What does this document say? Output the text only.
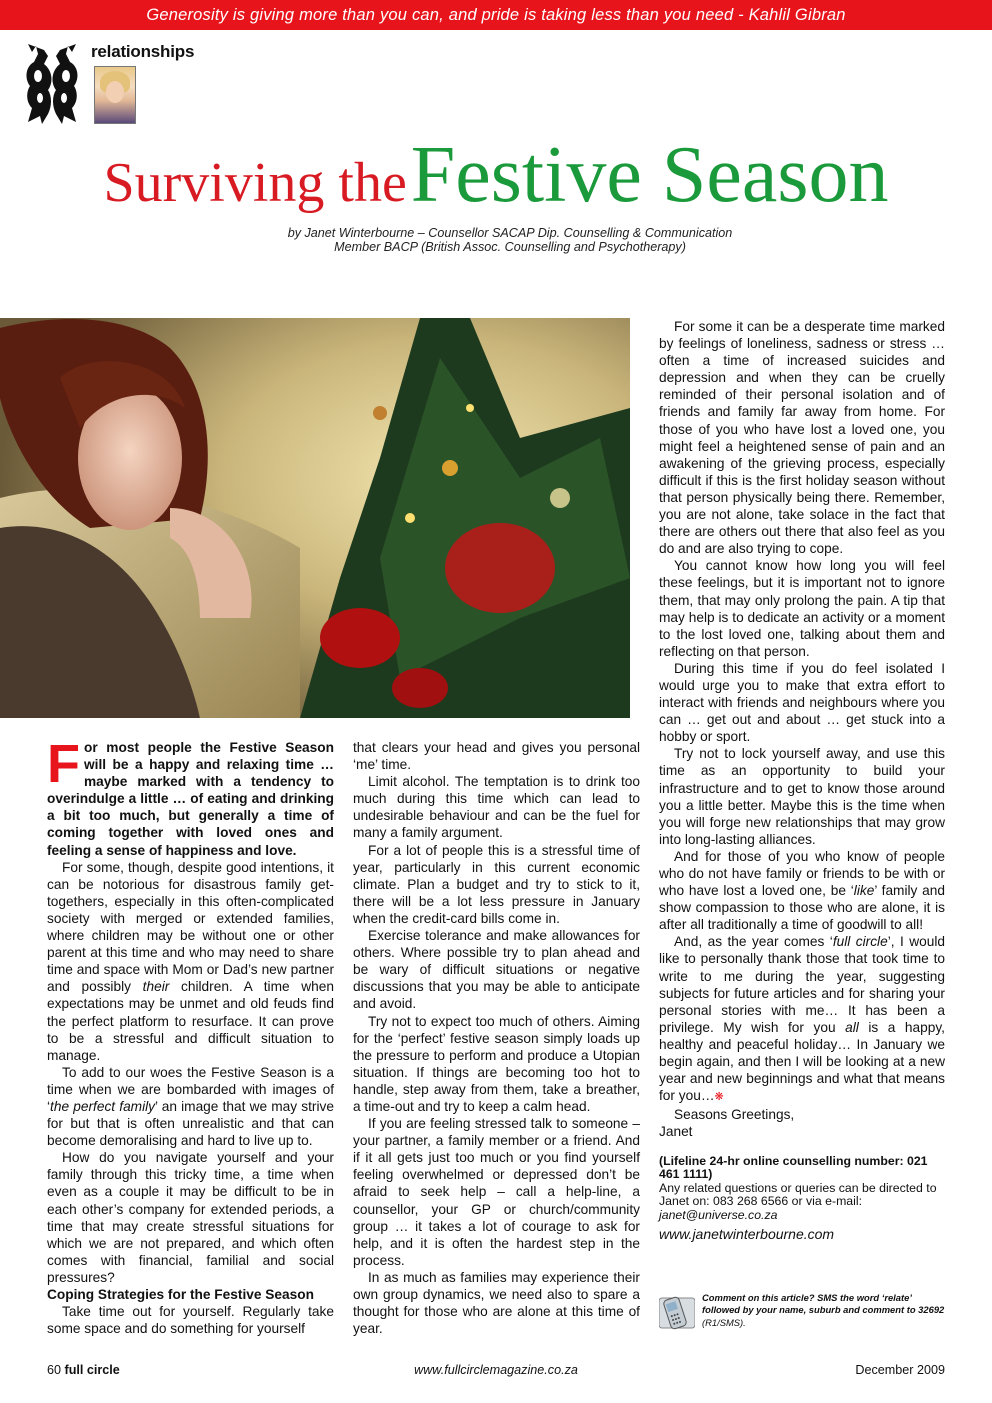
Generosity is giving more than you can, and pride is taking less than you need - Kahlil Gibran
relationships
Surviving the Festive Season
by Janet Winterbourne – Counsellor SACAP Dip. Counselling & Communication
Member BACP (British Assoc. Counselling and Psychotherapy)

For most people the Festive Season will be a happy and relaxing time … maybe marked with a tendency to overindulge a little … of eating and drinking a bit too much, but generally a time of coming together with loved ones and feeling a sense of happiness and love.

For some, though, despite good intentions, it can be notorious for disastrous family get-togethers, especially in this often-complicated society with merged or extended families, where children may be without one or other parent at this time and who may need to share time and space with Mom or Dad’s new partner and possibly their children. A time when expectations may be unmet and old feuds find the perfect platform to resurface. It can prove to be a stressful and difficult situation to manage.

To add to our woes the Festive Season is a time when we are bombarded with images of ‘the perfect family’ an image that we may strive for but that is often unrealistic and that can become demoralising and hard to live up to.

How do you navigate yourself and your family through this tricky time, a time when even as a couple it may be difficult to be in each other’s company for extended periods, a time that may create stressful situations for which we are not prepared, and which often comes with financial, familial and social pressures?

Coping Strategies for the Festive Season

Take time out for yourself. Regularly take some space and do something for yourself

that clears your head and gives you personal ‘me’ time.

Limit alcohol. The temptation is to drink too much during this time which can lead to undesirable behaviour and can be the fuel for many a family argument.

For a lot of people this is a stressful time of year, particularly in this current economic climate. Plan a budget and try to stick to it, there will be a lot less pressure in January when the credit-card bills come in.

Exercise tolerance and make allowances for others. Where possible try to plan ahead and be wary of difficult situations or negative discussions that you may be able to anticipate and avoid.

Try not to expect too much of others. Aiming for the ‘perfect’ festive season simply loads up the pressure to perform and produce a Utopian situation. If things are becoming too hot to handle, step away from them, take a breather, a time-out and try to keep a calm head.

If you are feeling stressed talk to someone – your partner, a family member or a friend. And if it all gets just too much or you find yourself feeling overwhelmed or depressed don’t be afraid to seek help – call a help-line, a counsellor, your GP or church/community group … it takes a lot of courage to ask for help, and it is often the hardest step in the process.

In as much as families may experience their own group dynamics, we need also to spare a thought for those who are alone at this time of year.

For some it can be a desperate time marked by feelings of loneliness, sadness or stress … often a time of increased suicides and depression and when they can be cruelly reminded of their personal isolation and of friends and family far away from home. For those of you who have lost a loved one, you might feel a heightened sense of pain and an awakening of the grieving process, especially difficult if this is the first holiday season without that person physically being there. Remember, you are not alone, take solace in the fact that there are others out there that also feel as you do and are also trying to cope.

You cannot know how long you will feel these feelings, but it is important not to ignore them, that may only prolong the pain. A tip that may help is to dedicate an activity or a moment to the lost loved one, talking about them and reflecting on that person.

During this time if you do feel isolated I would urge you to make that extra effort to interact with friends and neighbours where you can … get out and about … get stuck into a hobby or sport.

Try not to lock yourself away, and use this time as an opportunity to build your infrastructure and to get to know those around you a little better. Maybe this is the time when you will forge new relationships that may grow into long-lasting alliances.

And for those of you who know of people who do not have family or friends to be with or who have lost a loved one, be ‘like’ family and show compassion to those who are alone, it is after all traditionally a time of goodwill to all!

And, as the year comes ‘full circle’, I would like to personally thank those that took time to write to me during the year, suggesting subjects for future articles and for sharing your personal stories with me… It has been a privilege. My wish for you all is a happy, healthy and peaceful holiday… In January we begin again, and then I will be looking at a new year and new beginnings and what that means for you…❋

Seasons Greetings,
Janet

(Lifeline 24-hr online counselling number: 021 461 1111)
Any related questions or queries can be directed to Janet on: 083 268 6566 or via e-mail:
janet@universe.co.za
www.janetwinterbourne.com
Comment on this article? SMS the word ‘relate’ followed by your name, suburb and comment to 32692 (R1/SMS).
60 full circle	www.fullcirclemagazine.co.za	December 2009
